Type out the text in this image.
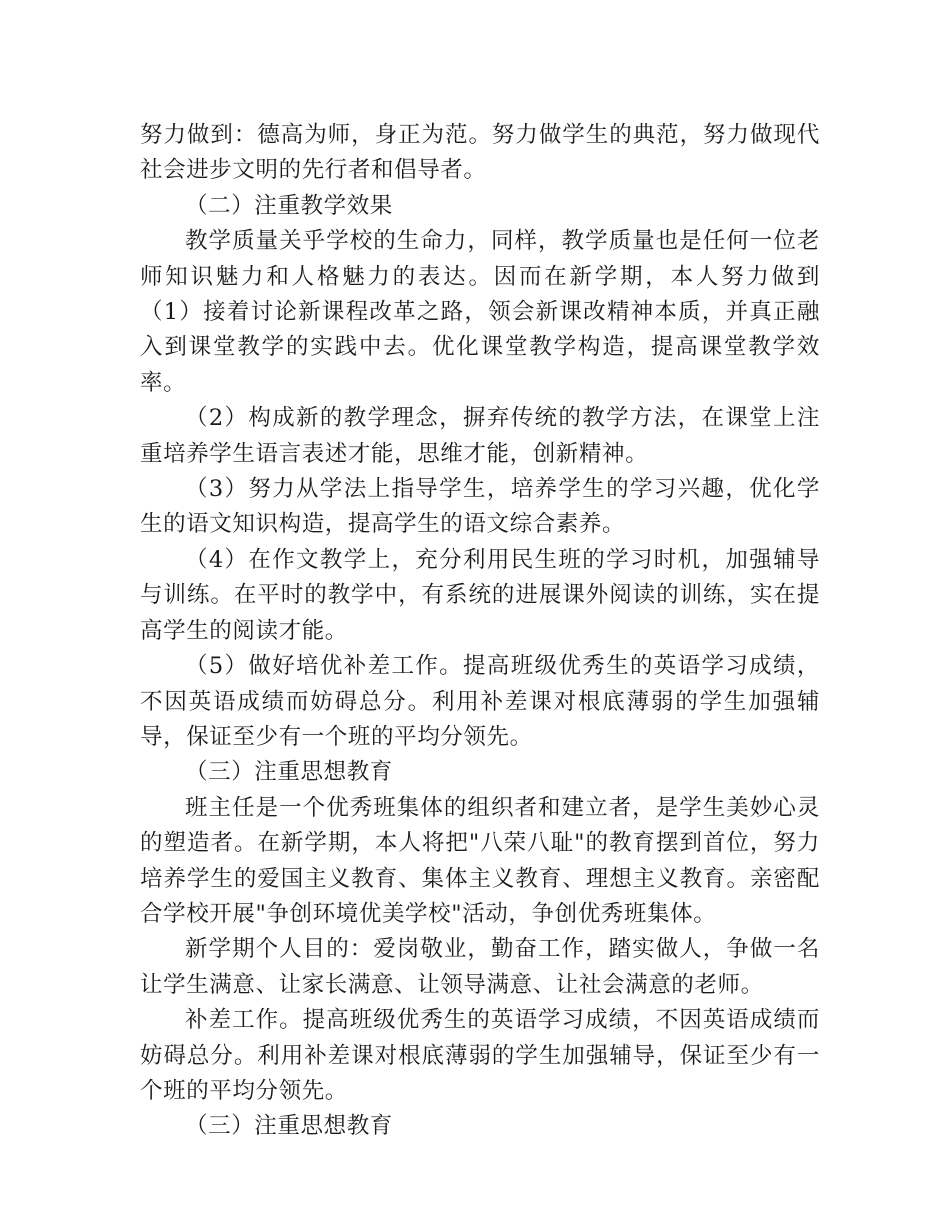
努力做到：德高为师，身正为范。努力做学生的典范，努力做现代社会进步文明的先行者和倡导者。

（二）注重教学效果

教学质量关乎学校的生命力，同样，教学质量也是任何一位老师知识魅力和人格魅力的表达。因而在新学期，本人努力做到　　（1）接着讨论新课程改革之路，领会新课改精神本质，并真正融入到课堂教学的实践中去。优化课堂教学构造，提高课堂教学效率。

（2）构成新的教学理念，摒弃传统的教学方法，在课堂上注重培养学生语言表述才能，思维才能，创新精神。

（3）努力从学法上指导学生，培养学生的学习兴趣，优化学生的语文知识构造，提高学生的语文综合素养。

（4）在作文教学上，充分利用民生班的学习时机，加强辅导与训练。在平时的教学中，有系统的进展课外阅读的训练，实在提高学生的阅读才能。

（5）做好培优补差工作。提高班级优秀生的英语学习成绩，不因英语成绩而妨碍总分。利用补差课对根底薄弱的学生加强辅导，保证至少有一个班的平均分领先。

（三）注重思想教育

班主任是一个优秀班集体的组织者和建立者，是学生美妙心灵的塑造者。在新学期，本人将把"八荣八耻"的教育摆到首位，努力培养学生的爱国主义教育、集体主义教育、理想主义教育。亲密配合学校开展"争创环境优美学校"活动，争创优秀班集体。

新学期个人目的：爱岗敬业，勤奋工作，踏实做人，争做一名让学生满意、让家长满意、让领导满意、让社会满意的老师。

补差工作。提高班级优秀生的英语学习成绩，不因英语成绩而妨碍总分。利用补差课对根底薄弱的学生加强辅导，保证至少有一个班的平均分领先。

（三）注重思想教育
